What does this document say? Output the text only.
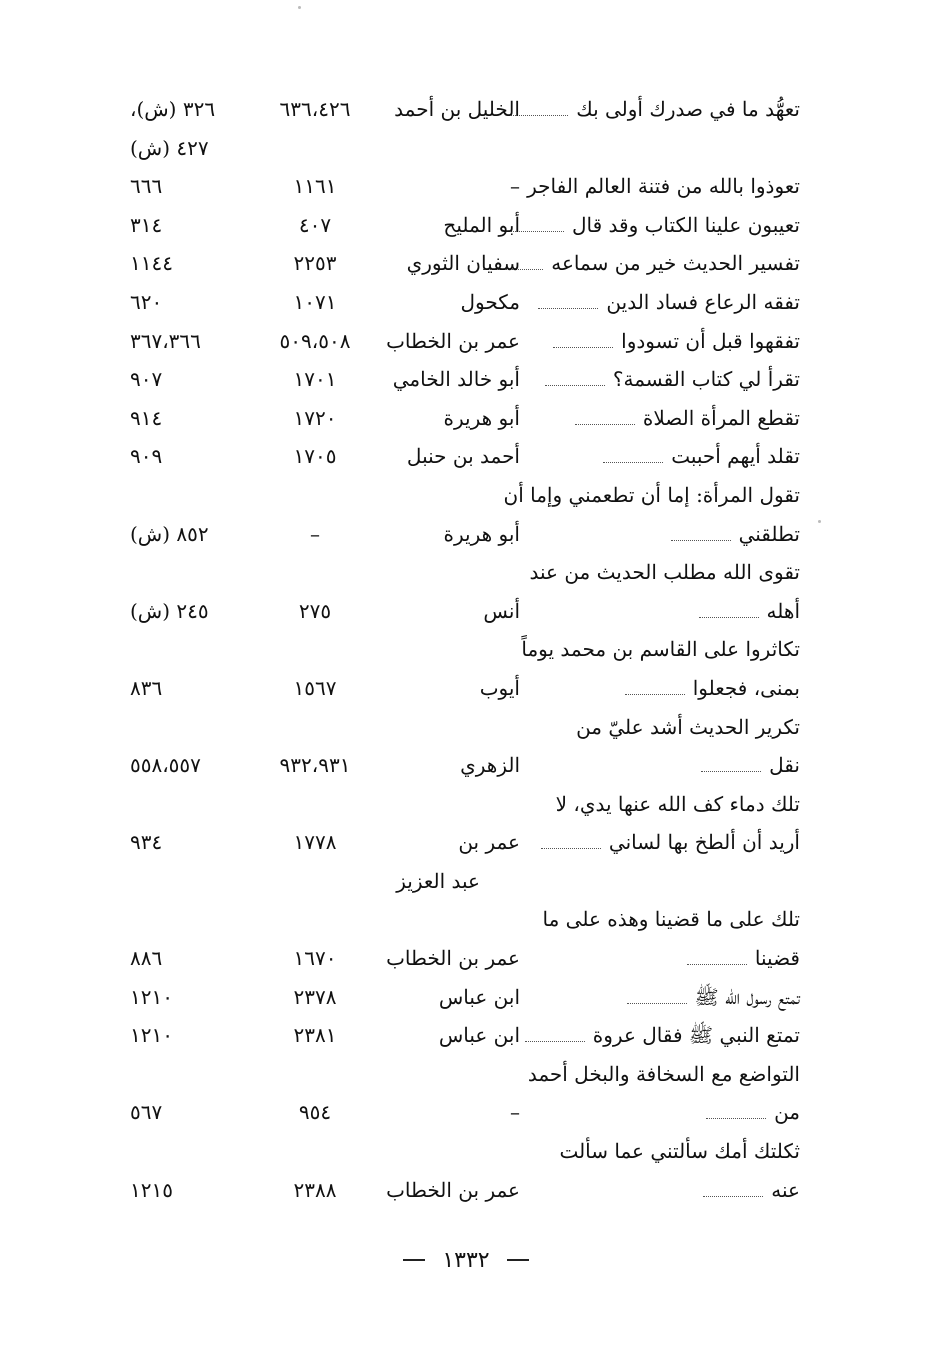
تعهُّد ما في صدرك أولى بك
الخليل بن أحمد
٦٣٦،٤٢٦
٣٢٦ (ش)،
٤٢٧ (ش)
تعوذوا بالله من فتنة العالم الفاجر
–
١١٦١
٦٦٦
تعيبون علينا الكتاب وقد قال
أبو المليح
٤٠٧
٣١٤
تفسير الحديث خير من سماعه
سفيان الثوري
٢٢٥٣
١١٤٤
تفقه الرعاع فساد الدين
مكحول
١٠٧١
٦٢٠
تفقهوا قبل أن تسودوا
عمر بن الخطاب
٥٠٩،٥٠٨
٣٦٧،٣٦٦
تقرأ لي كتاب القسمة؟
أبو خالد الخامي
١٧٠١
٩٠٧
تقطع المرأة الصلاة
أبو هريرة
١٧٢٠
٩١٤
تقلد أيهم أحببت
أحمد بن حنبل
١٧٠٥
٩٠٩
تقول المرأة: إما أن تطعمني وإما أن
تطلقني
أبو هريرة
–
٨٥٢ (ش)
تقوى الله مطلب الحديث من عند
أهله
أنس
٢٧٥
٢٤٥ (ش)
تكاثروا على القاسم بن محمد يوماً
بمنى، فجعلوا
أيوب
١٥٦٧
٨٣٦
تكرير الحديث أشد عليّ من
نقل
الزهري
٩٣٢،٩٣١
٥٥٨،٥٥٧
تلك دماء كف الله عنها يدي، لا
أريد أن ألطخ بها لساني
عمر بن
١٧٧٨
٩٣٤
عبد العزيز
تلك على ما قضينا وهذه على ما
قضينا
عمر بن الخطاب
١٦٧٠
٨٨٦
تمتع رسول الله ﷺ
ابن عباس
٢٣٧٨
١٢١٠
تمتع النبي ﷺ فقال عروة
ابن عباس
٢٣٨١
١٢١٠
التواضع مع السخافة والبخل أحمد
من
–
٩٥٤
٥٦٧
ثكلتك أمك سألتني عما سألت
عنه
عمر بن الخطاب
٢٣٨٨
١٢١٥
١٣٣٢
